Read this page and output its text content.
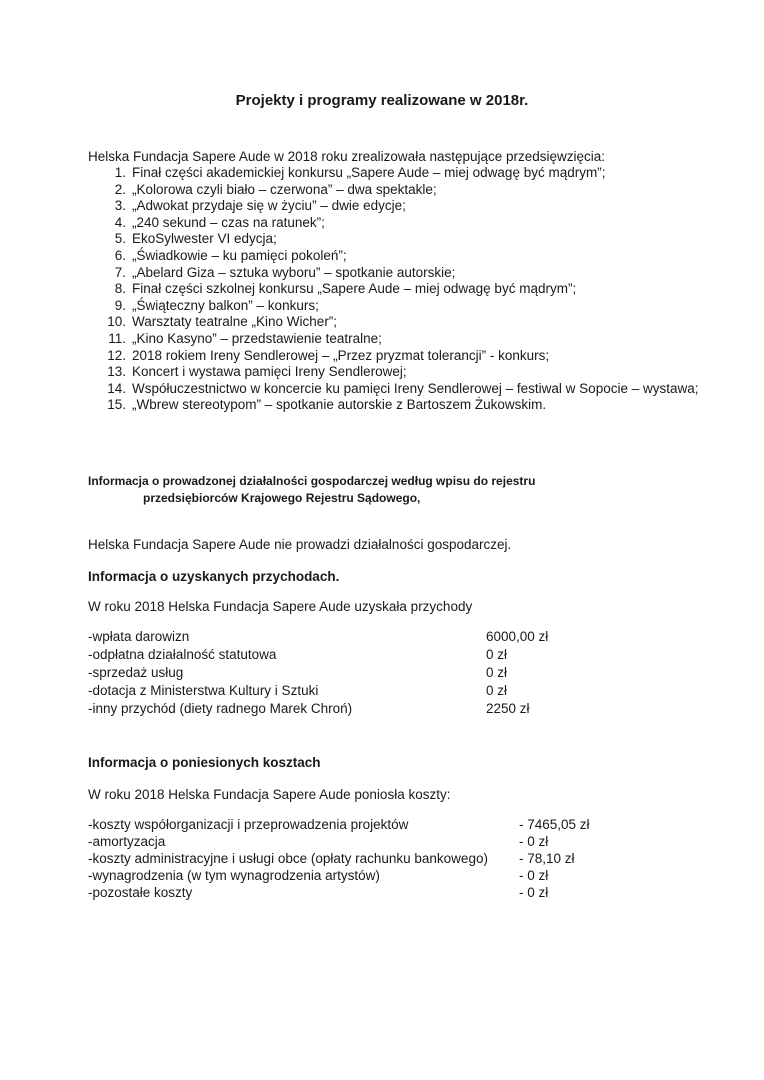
Projekty i programy realizowane w 2018r.
Helska Fundacja Sapere Aude w 2018 roku zrealizowała następujące przedsięwzięcia:
1. Finał części akademickiej konkursu „Sapere Aude – miej odwagę być mądrym”;
2. „Kolorowa czyli biało – czerwona” – dwa spektakle;
3. „Adwokat przydaje się w życiu” – dwie edycje;
4. „240 sekund – czas na ratunek”;
5. EkoSylwester VI edycja;
6. „Świadkowie – ku pamięci pokoleń”;
7. „Abelard Giza – sztuka wyboru” – spotkanie autorskie;
8. Finał części szkolnej konkursu „Sapere Aude – miej odwagę być mądrym”;
9. „Świąteczny balkon” – konkurs;
10. Warsztaty teatralne „Kino Wicher”;
11. „Kino Kasyno” – przedstawienie teatralne;
12. 2018 rokiem Ireny Sendlerowej – „Przez pryzmat tolerancji” - konkurs;
13. Koncert i wystawa pamięci Ireny Sendlerowej;
14. Współuczestnictwo w koncercie ku pamięci Ireny Sendlerowej – festiwal w Sopocie – wystawa;
15. „Wbrew stereotypom” – spotkanie autorskie z Bartoszem Żukowskim.
Informacja o prowadzonej działalności gospodarczej według wpisu do rejestru
przedsiębiorców Krajowego Rejestru Sądowego,
Helska Fundacja Sapere Aude nie prowadzi działalności gospodarczej.
Informacja o uzyskanych przychodach.
W roku 2018 Helska Fundacja Sapere Aude uzyskała przychody
-wpłata darowizn	6000,00 zł
-odpłatna działalność statutowa	0 zł
-sprzedaż usług	0 zł
-dotacja z Ministerstwa Kultury i Sztuki	0 zł
-inny przychód (diety radnego Marek Chroń)	2250 zł
Informacja o poniesionych kosztach
W roku 2018 Helska Fundacja Sapere Aude poniosła koszty:
-koszty współorganizacji i przeprowadzenia projektów	- 7465,05 zł
-amortyzacja	- 0 zł
-koszty administracyjne i usługi obce (opłaty rachunku bankowego) - 78,10 zł
-wynagrodzenia (w tym wynagrodzenia artystów)	- 0 zł
-pozostałe koszty	- 0 zł
